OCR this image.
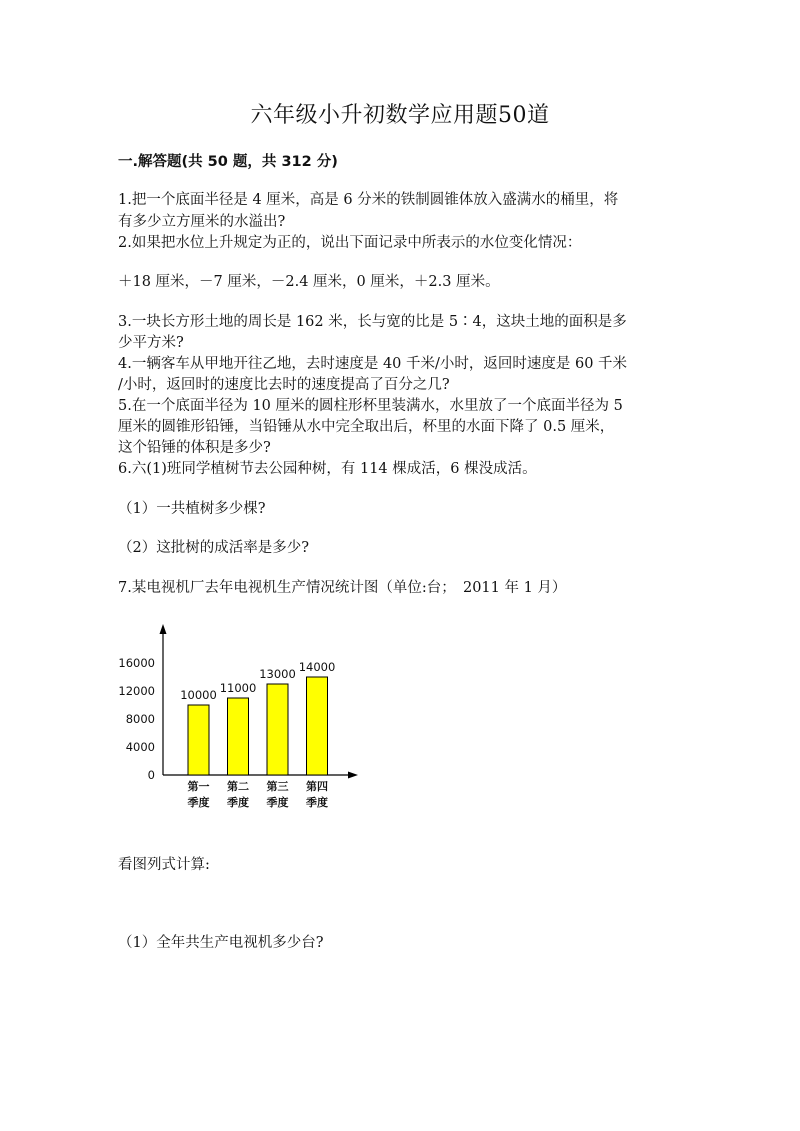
六年级小升初数学应用题50道
一.解答题(共 50 题，共 312 分)
1.把一个底面半径是 4 厘米，高是 6 分米的铁制圆锥体放入盛满水的桶里，将
有多少立方厘米的水溢出?
2.如果把水位上升规定为正的，说出下面记录中所表示的水位变化情况：
＋18 厘米，－7 厘米，－2.4 厘米，0 厘米，＋2.3 厘米。
3.一块长方形土地的周长是 162 米，长与宽的比是 5∶4，这块土地的面积是多
少平方米?
4.一辆客车从甲地开往乙地，去时速度是 40 千米/小时，返回时速度是 60 千米
/小时，返回时的速度比去时的速度提高了百分之几?
5.在一个底面半径为 10 厘米的圆柱形杯里装满水，水里放了一个底面半径为 5
厘米的圆锥形铅锤，当铅锤从水中完全取出后，杯里的水面下降了 0.5 厘米，
这个铅锤的体积是多少?
6.六(1)班同学植树节去公园种树，有 114 棵成活，6 棵没成活。
（1）一共植树多少棵?
（2）这批树的成活率是多少?
7.某电视机厂去年电视机生产情况统计图（单位:台；　2011 年 1 月）
0
4000
8000
12000
16000
10000 11000
13000 14000
第一
季度
第二
季度
第三
季度
第四
季度
看图列式计算:
（1）全年共生产电视机多少台?
